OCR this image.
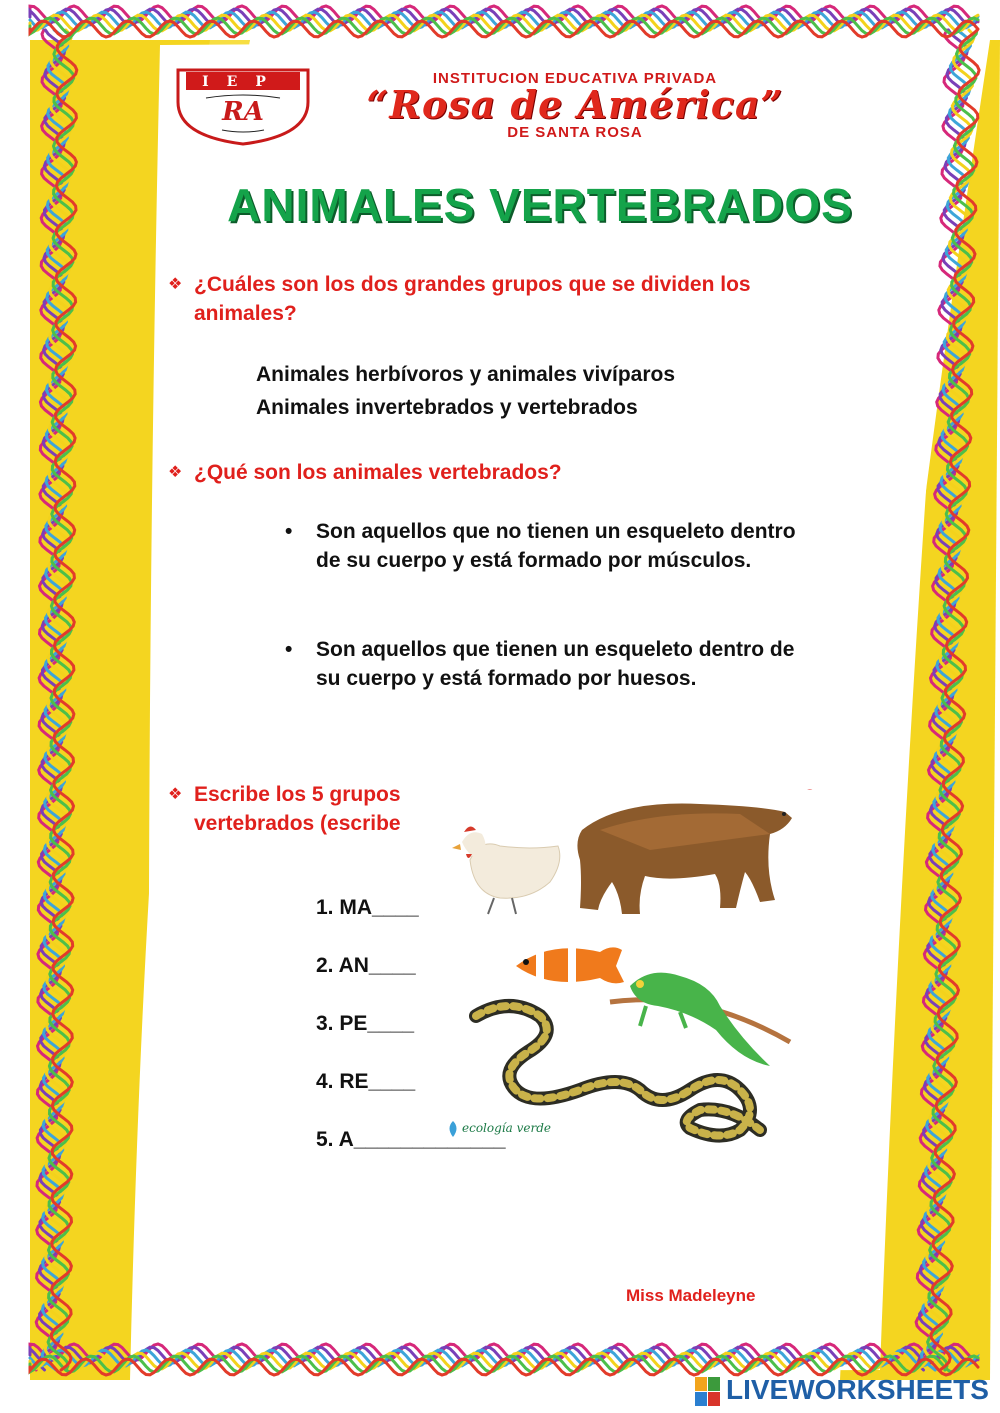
IEP
RA
INSTITUCION EDUCATIVA PRIVADA
“Rosa de América”
DE SANTA ROSA
ANIMALES VERTEBRADOS
❖ ¿Cuáles son los dos grandes grupos que se dividen los animales?
Animales herbívoros y animales vivíparos
Animales invertebrados y vertebrados
❖ ¿Qué son los animales vertebrados?
•	Son aquellos que no tienen un esqueleto dentro de su cuerpo y está formado por músculos.
•	Son aquellos que tienen un esqueleto dentro de su cuerpo y está formado por huesos.
❖ Escribe los 5 grupos

vertebrados (escribe
ecología verde
1. MA____
2. AN____
3. PE____
4. RE____
5. A_____________
Miss Madeleyne
LIVEWORKSHEETS
